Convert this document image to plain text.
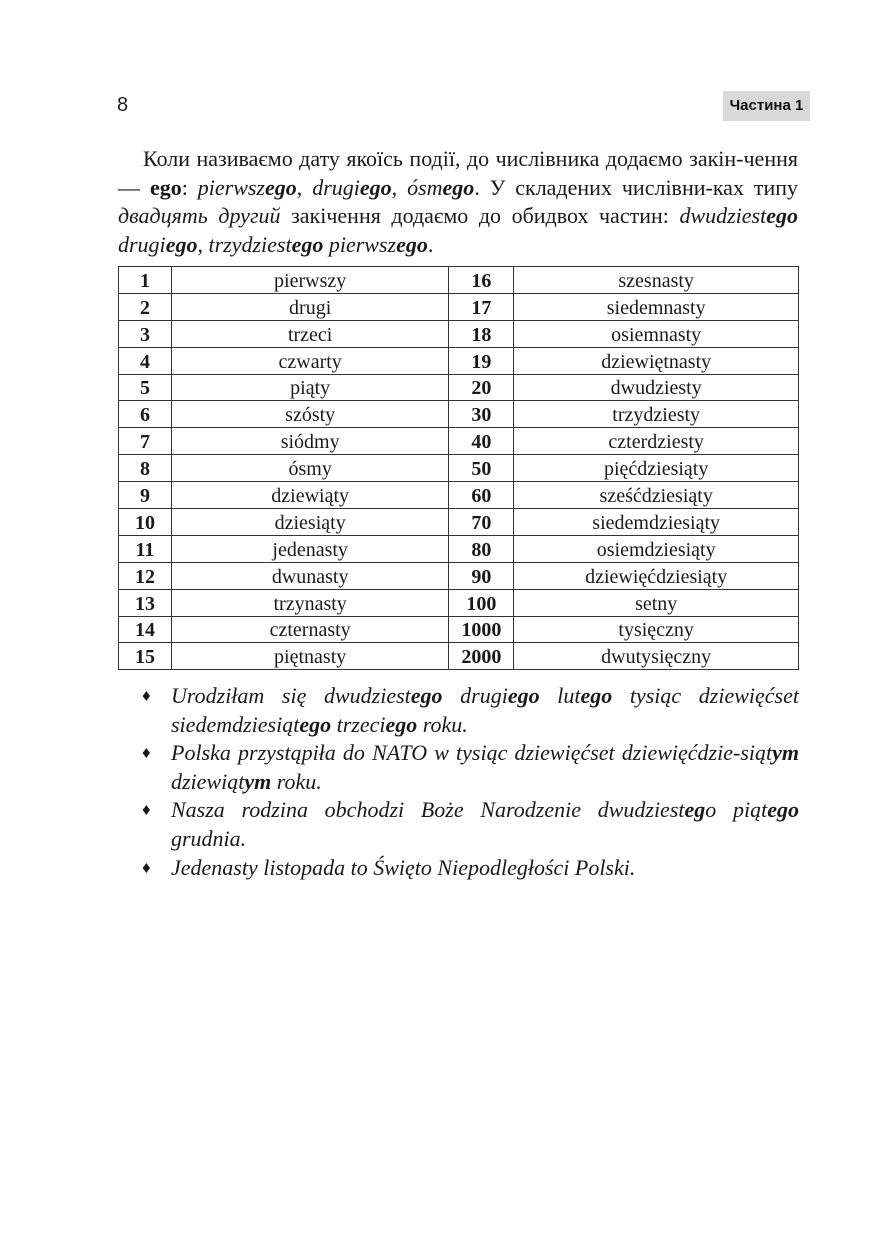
8	Частина 1

Коли називаємо дату якоїсь події, до числівника додаємо закін-чення — ego: pierwszego, drugiego, ósmego. У складених числівни-ках типу двадцять другий закічення додаємо до обидвох частин: dwudziestego drugiego, trzydziestego pierwszego.

1	pierwszy	16	szesnasty
2	drugi	17	siedemnasty
3	trzeci	18	osiemnasty
4	czwarty	19	dziewiętnasty
5	piąty	20	dwudziesty
6	szósty	30	trzydziesty
7	siódmy	40	czterdziesty
8	ósmy	50	pięćdziesiąty
9	dziewiąty	60	sześćdziesiąty
10	dziesiąty	70	siedemdziesiąty
11	jedenasty	80	osiemdziesiąty
12	dwunasty	90	dziewięćdziesiąty
13	trzynasty	100	setny
14	czternasty	1000	tysięczny
15	piętnasty	2000	dwutysięczny
♦ Urodziłam się dwudziestego drugiego lutego tysiąc dziewięćset siedemdziesiątego trzeciego roku.
♦ Polska przystąpiła do NATO w tysiąc dziewięćset dziewięćdzie-siątym dziewiątym roku.
♦ Nasza rodzina obchodzi Boże Narodzenie dwudziestego piątego grudnia.
♦ Jedenasty listopada to Święto Niepodległości Polski.
